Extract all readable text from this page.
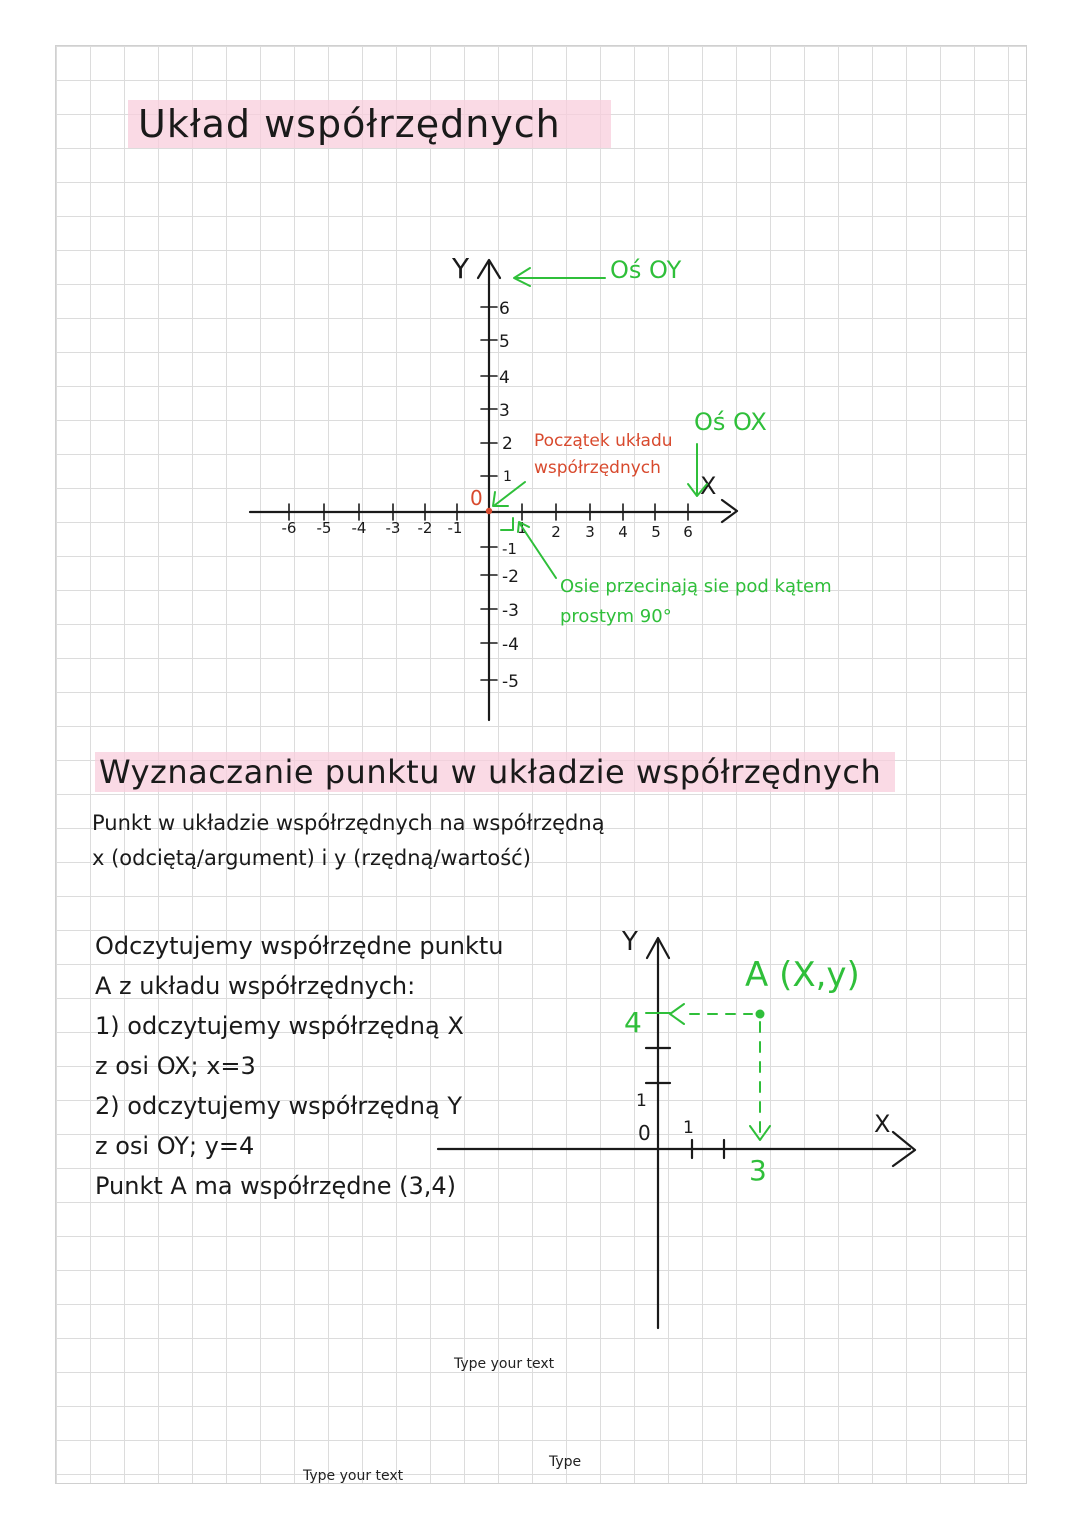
Układ współrzędnych
Wyznaczanie punktu w układzie współrzędnych
Punkt w układzie współrzędnych na współrzędną
x (odciętą/argument) i y (rzędną/wartość)
Odczytujemy współrzędne punktu
A z układu współrzędnych:
1) odczytujemy współrzędną X
z osi OX; x=3
2) odczytujemy współrzędną Y
z osi OY; y=4
Punkt A ma współrzędne (3,4)
Oś OY
Oś OX
Początek układu
współrzędnych
Osie przecinają sie pod kątem
prostym 90°
A (X,y)
Type your text
Type your text
Type
Y
X
-6 -5 -4 -3 -2 -1	1 2 3 4 5 6
6
5
4
3
2
1
-1
-2
-3
-4
-5
0
Y
X
1
0 1
4
3
